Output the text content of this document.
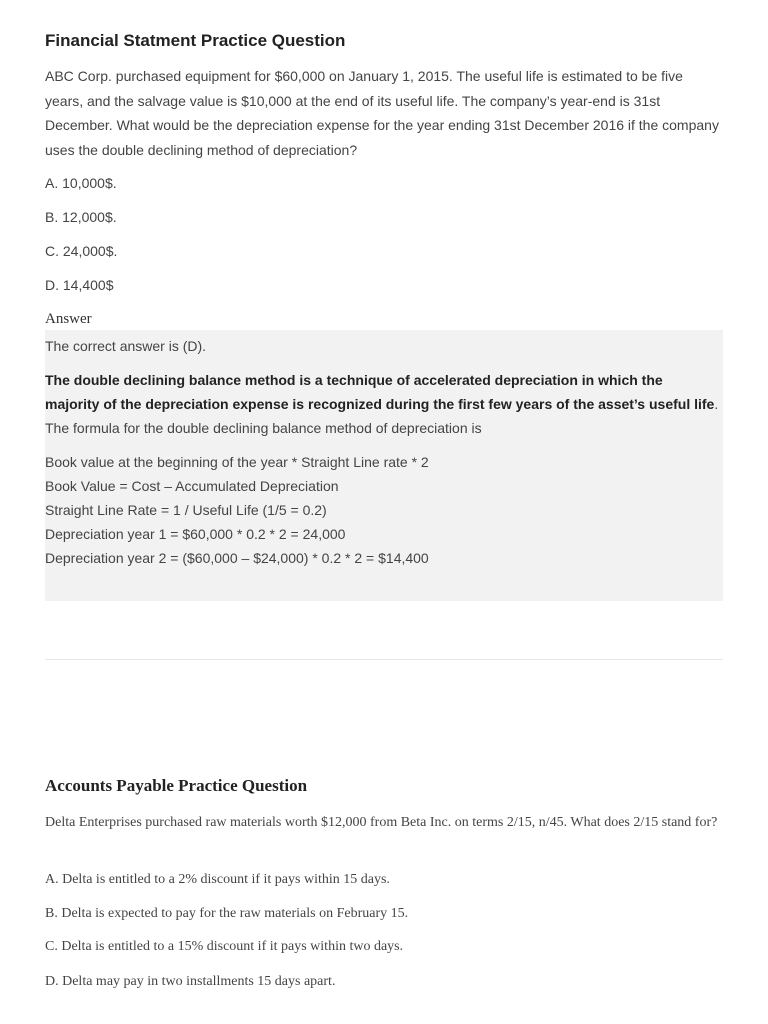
Financial Statment Practice Question

ABC Corp. purchased equipment for $60,000 on January 1, 2015. The useful life is estimated to be five years, and the salvage value is $10,000 at the end of its useful life. The company’s year-end is 31st December. What would be the depreciation expense for the year ending 31st December 2016 if the company uses the double declining method of depreciation?

A. 10,000$.

B. 12,000$.

C. 24,000$.

D. 14,400$

Answer

The correct answer is (D).

The double declining balance method is a technique of accelerated depreciation in which the majority of the depreciation expense is recognized during the first few years of the asset’s useful life. The formula for the double declining balance method of depreciation is

Book value at the beginning of the year * Straight Line rate * 2

Book Value = Cost – Accumulated Depreciation

Straight Line Rate = 1 / Useful Life (1/5 = 0.2)

Depreciation year 1 = $60,000 * 0.2 * 2 = 24,000

Depreciation year 2 = ($60,000 – $24,000) * 0.2 * 2 = $14,400

Accounts Payable Practice Question

Delta Enterprises purchased raw materials worth $12,000 from Beta Inc. on terms 2/15, n/45. What does 2/15 stand for?

A. Delta is entitled to a 2% discount if it pays within 15 days.

B. Delta is expected to pay for the raw materials on February 15.

C. Delta is entitled to a 15% discount if it pays within two days.

D. Delta may pay in two installments 15 days apart.
